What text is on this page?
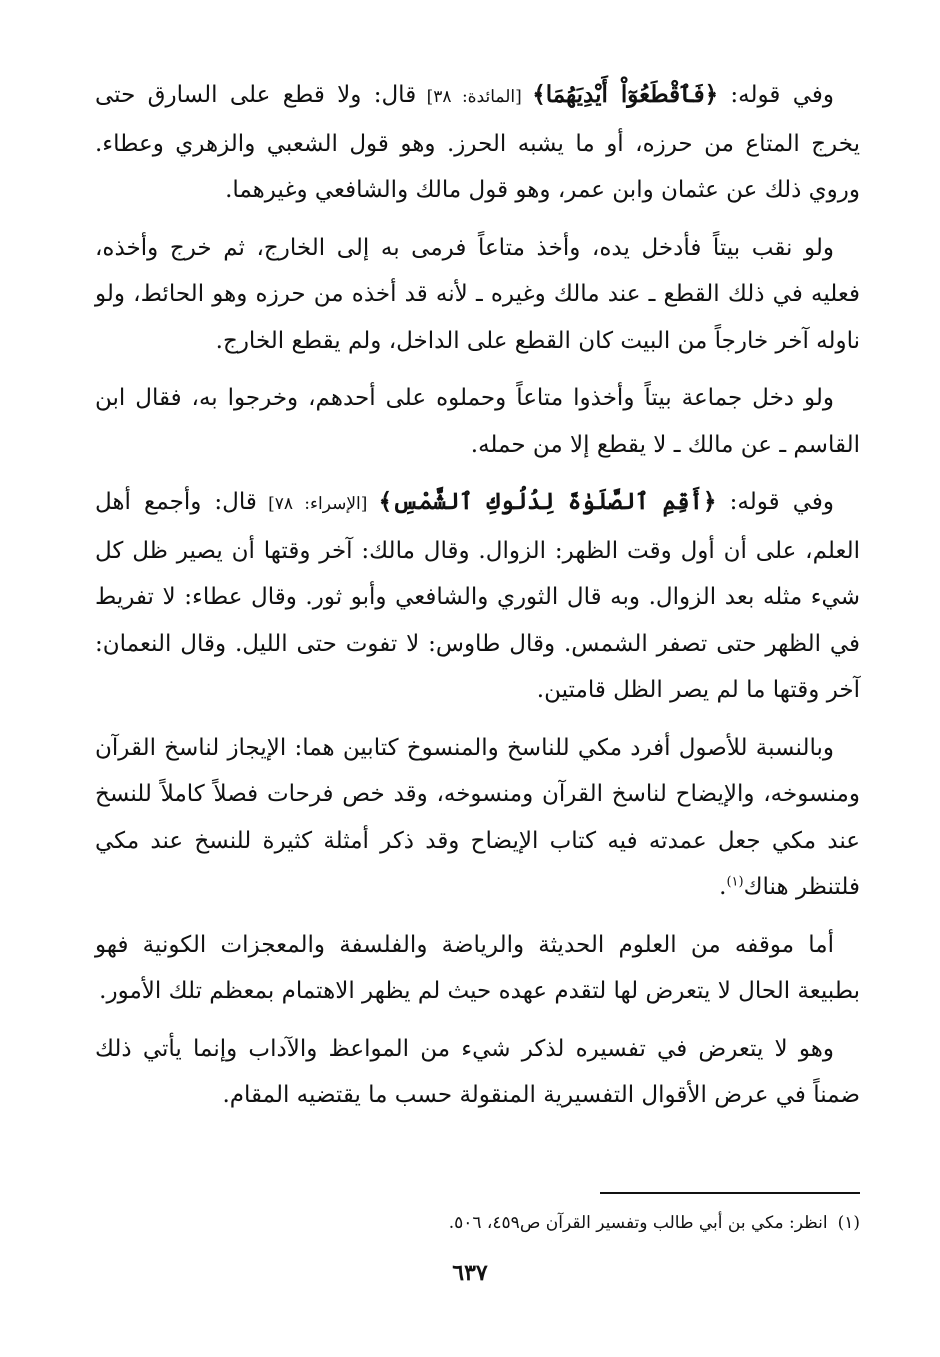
وفي قوله: ﴿فَٱقْطَعُوٓاْ أَيْدِيَهُمَا﴾ [المائدة: ٣٨] قال: ولا قطع على السارق حتى يخرج المتاع من حرزه، أو ما يشبه الحرز. وهو قول الشعبي والزهري وعطاء. وروي ذلك عن عثمان وابن عمر، وهو قول مالك والشافعي وغيرهما.

ولو نقب بيتاً فأدخل يده، وأخذ متاعاً فرمى به إلى الخارج، ثم خرج وأخذه، فعليه في ذلك القطع ـ عند مالك وغيره ـ لأنه قد أخذه من حرزه وهو الحائط، ولو ناوله آخر خارجاً من البيت كان القطع على الداخل، ولم يقطع الخارج.

ولو دخل جماعة بيتاً وأخذوا متاعاً وحملوه على أحدهم، وخرجوا به، فقال ابن القاسم ـ عن مالك ـ لا يقطع إلا من حمله.

وفي قوله: ﴿أَقِمِ ٱلصَّلَوٰةَ لِدُلُوكِ ٱلشَّمْسِ﴾ [الإسراء: ٧٨] قال: وأجمع أهل العلم، على أن أول وقت الظهر: الزوال. وقال مالك: آخر وقتها أن يصير ظل كل شيء مثله بعد الزوال. وبه قال الثوري والشافعي وأبو ثور. وقال عطاء: لا تفريط في الظهر حتى تصفر الشمس. وقال طاوس: لا تفوت حتى الليل. وقال النعمان: آخر وقتها ما لم يصر الظل قامتين.

وبالنسبة للأصول أفرد مكي للناسخ والمنسوخ كتابين هما: الإيجاز لناسخ القرآن ومنسوخه، والإيضاح لناسخ القرآن ومنسوخه، وقد خص فرحات فصلاً كاملاً للنسخ عند مكي جعل عمدته فيه كتاب الإيضاح وقد ذكر أمثلة كثيرة للنسخ عند مكي فلتنظر هناك$^{(١)}$.

أما موقفه من العلوم الحديثة والرياضة والفلسفة والمعجزات الكونية فهو بطبيعة الحال لا يتعرض لها لتقدم عهده حيث لم يظهر الاهتمام بمعظم تلك الأمور.

وهو لا يتعرض في تفسيره لذكر شيء من المواعظ والآداب وإنما يأتي ذلك ضمناً في عرض الأقوال التفسيرية المنقولة حسب ما يقتضيه المقام.

(١)انظر: مكي بن أبي طالب وتفسير القرآن ص٤٥٩، ٥٠٦.
٦٣٧
